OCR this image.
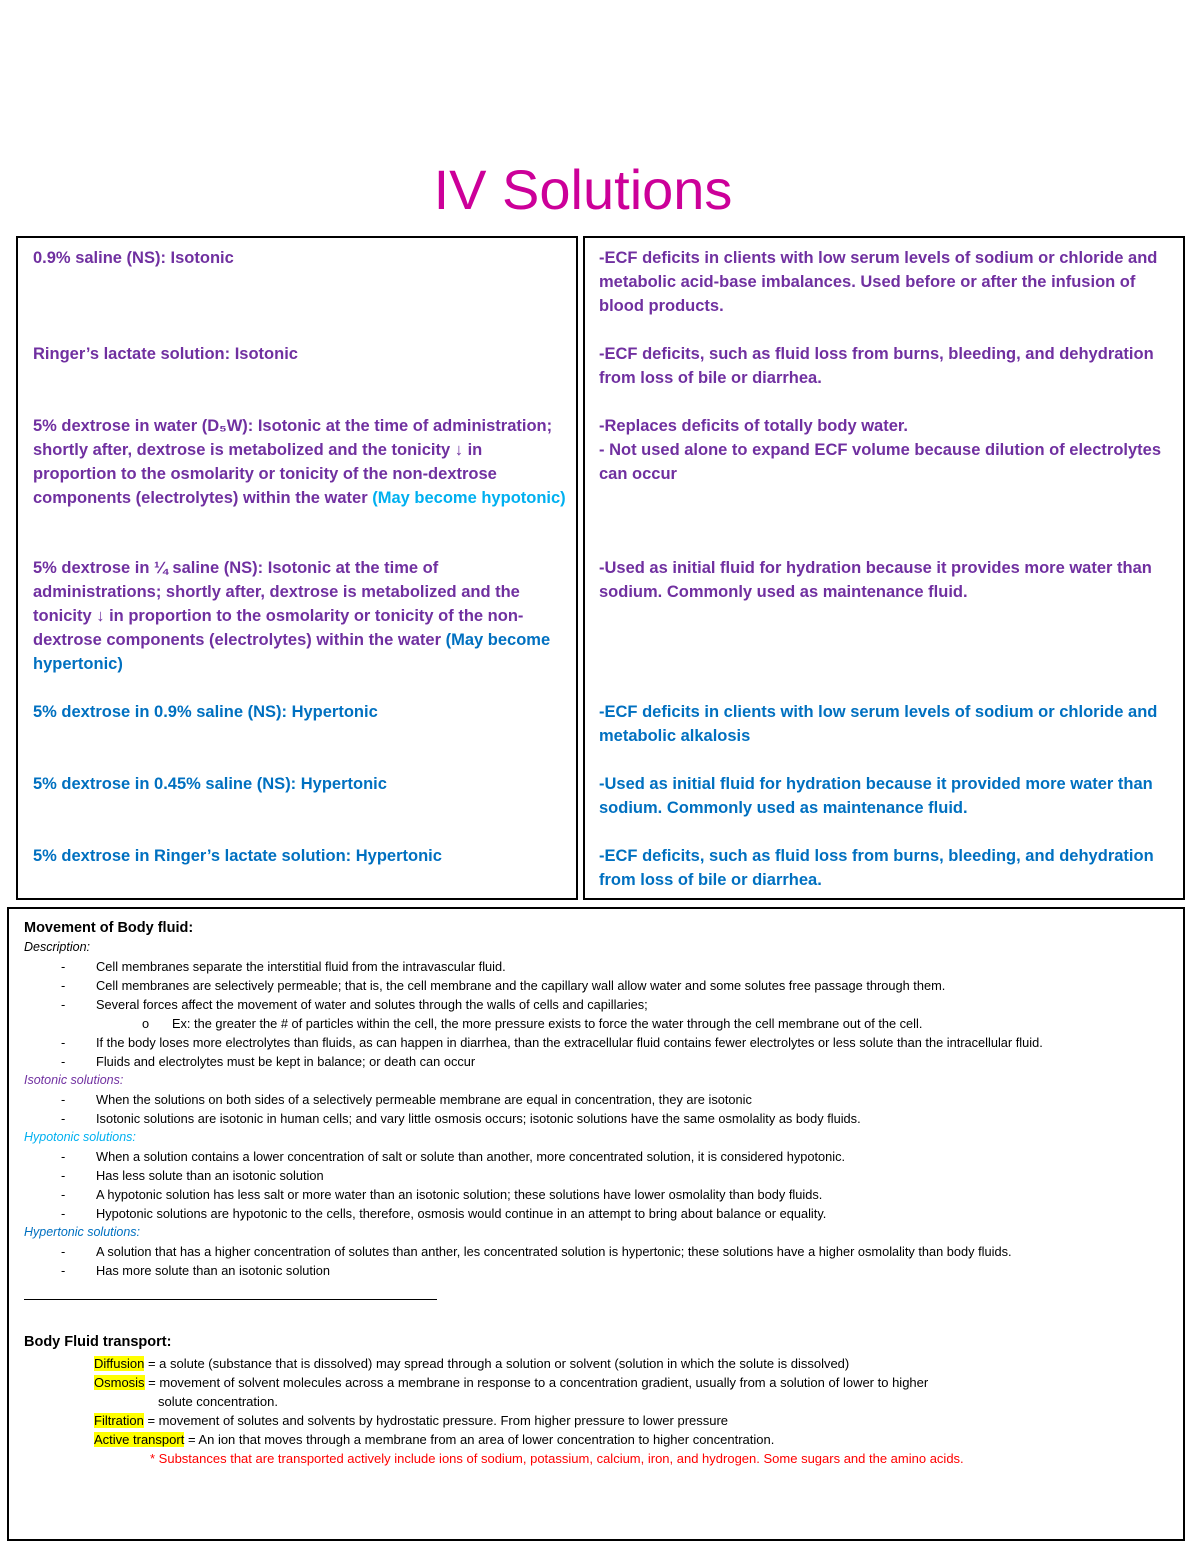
IV Solutions
0.9% saline (NS): Isotonic
Ringer’s lactate solution: Isotonic
5% dextrose in water (D₅W): Isotonic at the time of administration; shortly after, dextrose is metabolized and the tonicity ↓ in proportion to the osmolarity or tonicity of the non-dextrose components (electrolytes) within the water (May become hypotonic)
5% dextrose in ¼ saline (NS): Isotonic at the time of administrations; shortly after, dextrose is metabolized and the tonicity ↓ in proportion to the osmolarity or tonicity of the non-dextrose components (electrolytes) within the water (May become hypertonic)
5% dextrose in 0.9% saline (NS): Hypertonic
5% dextrose in 0.45% saline (NS): Hypertonic
5% dextrose in Ringer’s lactate solution: Hypertonic
-ECF deficits in clients with low serum levels of sodium or chloride and metabolic acid-base imbalances. Used before or after the infusion of blood products.
-ECF deficits, such as fluid loss from burns, bleeding, and dehydration from loss of bile or diarrhea.
-Replaces deficits of totally body water.
- Not used alone to expand ECF volume because dilution of electrolytes can occur
-Used as initial fluid for hydration because it provides more water than sodium. Commonly used as maintenance fluid.
-ECF deficits in clients with low serum levels of sodium or chloride and metabolic alkalosis
-Used as initial fluid for hydration because it provided more water than sodium. Commonly used as maintenance fluid.
-ECF deficits, such as fluid loss from burns, bleeding, and dehydration from loss of bile or diarrhea.
Movement of Body fluid:
Description:
- Cell membranes separate the interstitial fluid from the intravascular fluid.
- Cell membranes are selectively permeable; that is, the cell membrane and the capillary wall allow water and some solutes free passage through them.
- Several forces affect the movement of water and solutes through the walls of cells and capillaries;
o Ex: the greater the # of particles within the cell, the more pressure exists to force the water through the cell membrane out of the cell.
- If the body loses more electrolytes than fluids, as can happen in diarrhea, than the extracellular fluid contains fewer electrolytes or less solute than the intracellular fluid.
- Fluids and electrolytes must be kept in balance; or death can occur
Isotonic solutions:
- When the solutions on both sides of a selectively permeable membrane are equal in concentration, they are isotonic
- Isotonic solutions are isotonic in human cells; and vary little osmosis occurs; isotonic solutions have the same osmolality as body fluids.
Hypotonic solutions:
- When a solution contains a lower concentration of salt or solute than another, more concentrated solution, it is considered hypotonic.
- Has less solute than an isotonic solution
- A hypotonic solution has less salt or more water than an isotonic solution; these solutions have lower osmolality than body fluids.
- Hypotonic solutions are hypotonic to the cells, therefore, osmosis would continue in an attempt to bring about balance or equality.
Hypertonic solutions:
- A solution that has a higher concentration of solutes than anther, les concentrated solution is hypertonic; these solutions have a higher osmolality than body fluids.
- Has more solute than an isotonic solution
Body Fluid transport:
Diffusion = a solute (substance that is dissolved) may spread through a solution or solvent (solution in which the solute is dissolved)
Osmosis = movement of solvent molecules across a membrane in response to a concentration gradient, usually from a solution of lower to higher
solute concentration.
Filtration = movement of solutes and solvents by hydrostatic pressure. From higher pressure to lower pressure
Active transport = An ion that moves through a membrane from an area of lower concentration to higher concentration.
* Substances that are transported actively include ions of sodium, potassium, calcium, iron, and hydrogen. Some sugars and the amino acids.
